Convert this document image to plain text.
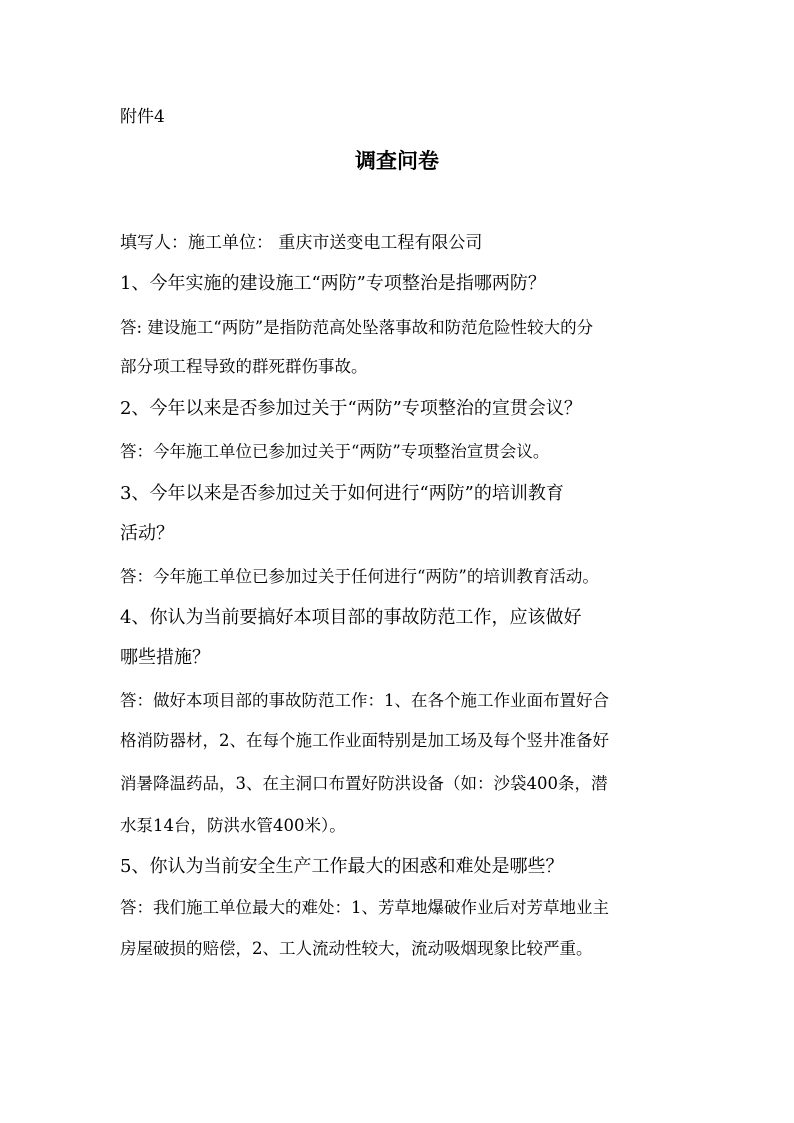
附件4

调查问卷

填写人：施工单位： 重庆市送变电工程有限公司

1、今年实施的建设施工“两防”专项整治是指哪两防？

答: 建设施工“两防”是指防范高处坠落事故和防范危险性较大的分

部分项工程导致的群死群伤事故。

2、今年以来是否参加过关于“两防”专项整治的宣贯会议？

答：今年施工单位已参加过关于“两防”专项整治宣贯会议。

3、今年以来是否参加过关于如何进行“两防”的培训教育

活动？

答：今年施工单位已参加过关于任何进行“两防”的培训教育活动。

4、你认为当前要搞好本项目部的事故防范工作，应该做好

哪些措施？

答：做好本项目部的事故防范工作：1、在各个施工作业面布置好合

格消防器材，2、在每个施工作业面特别是加工场及每个竖井准备好

消暑降温药品，3、在主洞口布置好防洪设备（如：沙袋400条，潜

水泵14台，防洪水管400米）。

5、你认为当前安全生产工作最大的困惑和难处是哪些？

答：我们施工单位最大的难处：1、芳草地爆破作业后对芳草地业主

房屋破损的赔偿，2、工人流动性较大，流动吸烟现象比较严重。
